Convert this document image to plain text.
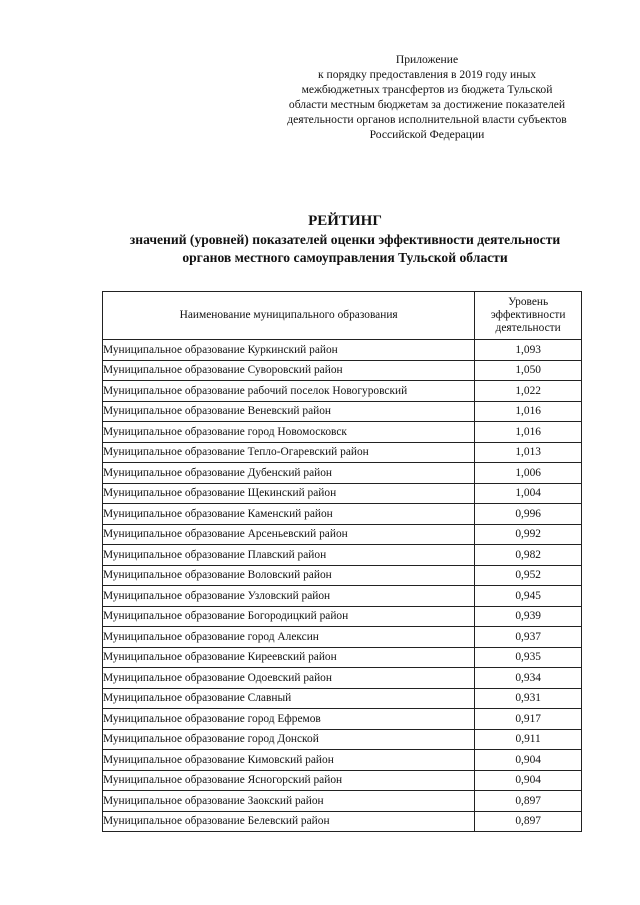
Приложение
к порядку предоставления в 2019 году иных
межбюджетных трансфертов из бюджета Тульской
области местным бюджетам за достижение показателей
деятельности органов исполнительной власти субъектов
Российской Федерации
РЕЙТИНГ
значений (уровней) показателей оценки эффективности деятельности
органов местного самоуправления Тульской области
Наименование муниципального образования	Уровень
эффективности
деятельности

Муниципальное образование Куркинский район	1,093
Муниципальное образование Суворовский район	1,050
Муниципальное образование рабочий поселок Новогуровский	1,022
Муниципальное образование Веневский район	1,016
Муниципальное образование город Новомосковск	1,016
Муниципальное образование Тепло-Огаревский район	1,013
Муниципальное образование Дубенский район	1,006
Муниципальное образование Щекинский район	1,004
Муниципальное образование Каменский район	0,996
Муниципальное образование Арсеньевский район	0,992
Муниципальное образование Плавский район	0,982
Муниципальное образование Воловский район	0,952
Муниципальное образование Узловский район	0,945
Муниципальное образование Богородицкий район	0,939
Муниципальное образование город Алексин	0,937
Муниципальное образование Киреевский район	0,935
Муниципальное образование Одоевский район	0,934
Муниципальное образование Славный	0,931
Муниципальное образование город Ефремов	0,917
Муниципальное образование город Донской	0,911
Муниципальное образование Кимовский район	0,904
Муниципальное образование Ясногорский район	0,904
Муниципальное образование Заокский район	0,897
Муниципальное образование Белевский район	0,897
